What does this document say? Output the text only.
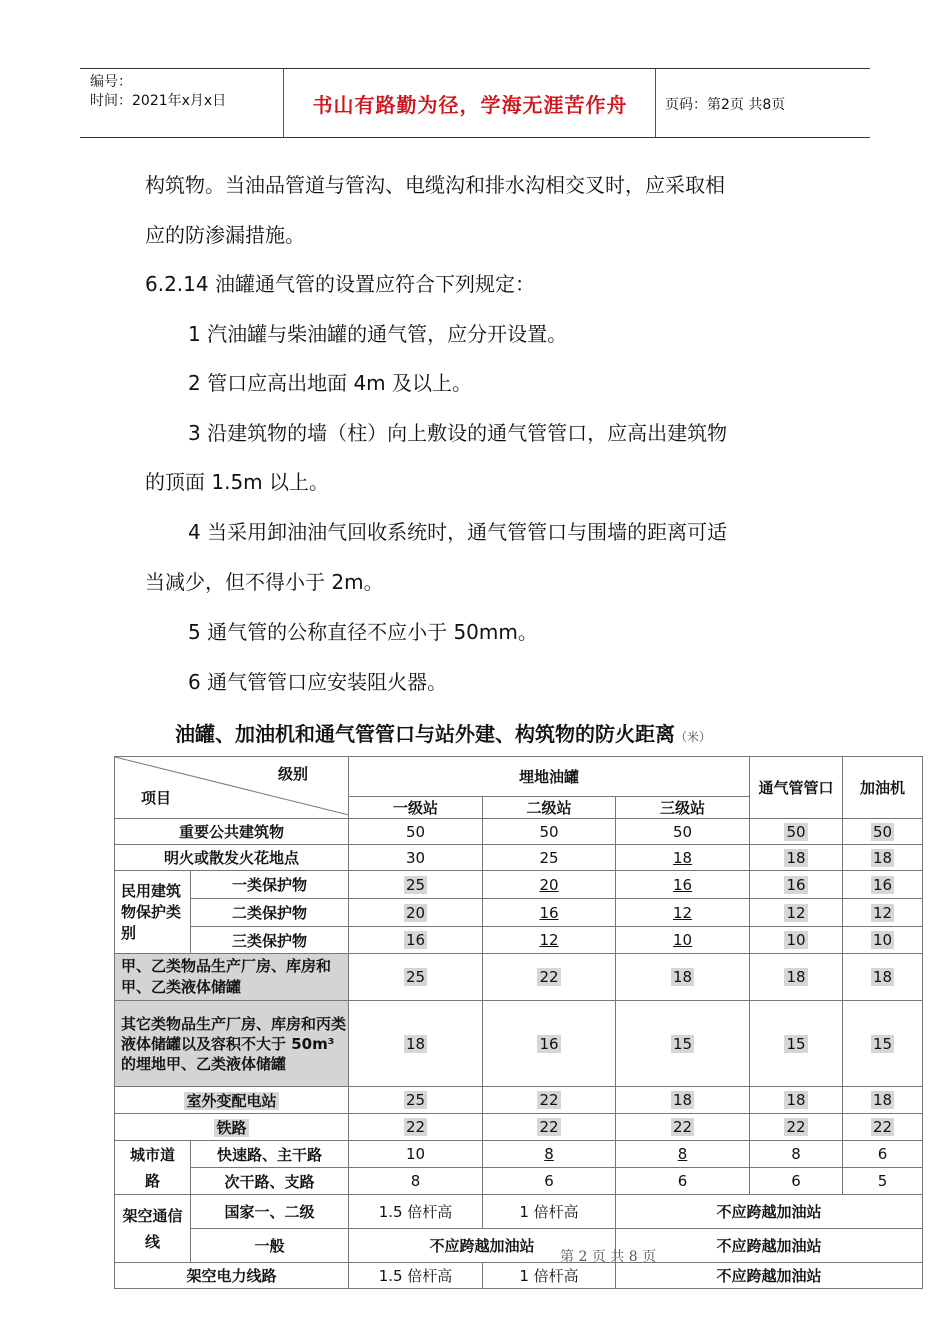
编号：
时间：2021年x月x日	书山有路勤为径，学海无涯苦作舟	页码：第2页 共8页
构筑物。当油品管道与管沟、电缆沟和排水沟相交叉时，应采取相
应的防渗漏措施。
6.2.14 油罐通气管的设置应符合下列规定：
1 汽油罐与柴油罐的通气管，应分开设置。
2 管口应高出地面 4m 及以上。
3 沿建筑物的墙（柱）向上敷设的通气管管口，应高出建筑物
的顶面 1.5m 以上。
4 当采用卸油油气回收系统时，通气管管口与围墙的距离可适
当减少，但不得小于 2m。
5 通气管的公称直径不应小于 50mm。
6 通气管管口应安装阻火器。
油罐、加油机和通气管管口与站外建、构筑物的防火距离（米）
级别
项目		埋地油罐			通气管管口	加油机
		一级站	二级站	三级站		
重要公共建筑物		50	50	50	50	50
明火或散发火花地点		30	25	18	18	18
民用建筑物保护类别	一类保护物	25	20	16	16	16
	二类保护物	20	16	12	12	12
	三类保护物	16	12	10	10	10
甲、乙类物品生产厂房、库房和甲、乙类液体储罐		25	22	18	18	18
其它类物品生产厂房、库房和丙类液体储罐以及容积不大于 50m³ 的埋地甲、乙类液体储罐		18	16	15	15	15
室外变配电站		25	22	18	18	18
铁路		22	22	22	22	22
城市道路	快速路、主干路	10	8	8	8	6
	次干路、支路	8	6	6	6	5
架空通信线	国家一、二级	1.5 倍杆高	1 倍杆高	不应跨越加油站		
	一般	不应跨越加油站		不应跨越加油站		
架空电力线路		1.5 倍杆高	1 倍杆高	不应跨越加油站		
第 2 页 共 8 页
